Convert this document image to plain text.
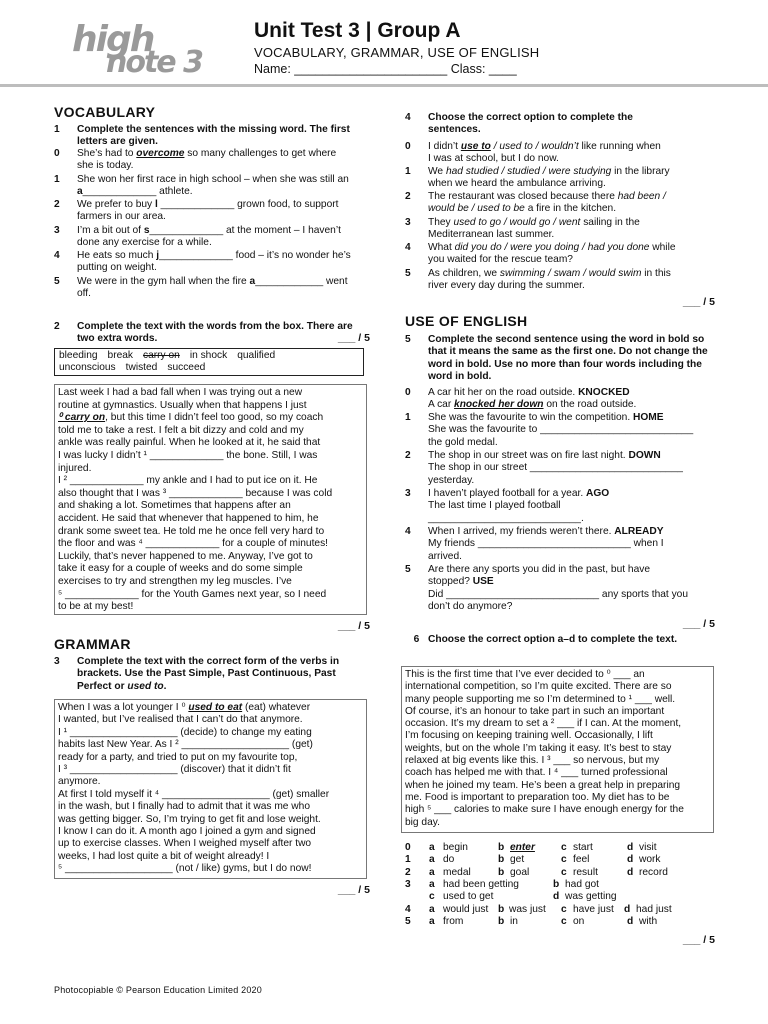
high
note 3
Unit Test 3 | Group A
VOCABULARY, GRAMMAR, USE OF ENGLISH
Name: ______________________ Class: ____
VOCABULARY
1	Complete the sentences with the missing word. The first letters are given.
0	She’s had to overcome so many challenges to get where she is today.
1	She won her first race in high school – when she was still an a_____________ athlete.
2	We prefer to buy l _____________ grown food, to support farmers in our area.
3	I’m a bit out of s_____________ at the moment – I haven’t done any exercise for a while.
4	He eats so much j_____________ food – it’s no wonder he’s putting on weight.
5	We were in the gym hall when the fire a____________ went off.
___ / 5
2	Complete the text with the words from the box. There are two extra words.
bleeding break carry on in shock qualified
unconscious twisted succeed
Last week I had a bad fall when I was trying out a new
routine at gymnastics. Usually when that happens I just
⁰ carry on, but this time I didn’t feel too good, so my coach
told me to take a rest. I felt a bit dizzy and cold and my
ankle was really painful. When he looked at it, he said that
I was lucky I didn’t ¹ _____________ the bone. Still, I was
injured.
I ² _____________ my ankle and I had to put ice on it. He
also thought that I was ³ _____________ because I was cold
and shaking a lot. Sometimes that happens after an
accident. He said that whenever that happened to him, he
drank some sweet tea. He told me he once fell very hard to
the floor and was ⁴ _____________ for a couple of minutes!
Luckily, that’s never happened to me. Anyway, I’ve got to
take it easy for a couple of weeks and do some simple
exercises to try and strengthen my leg muscles. I’ve
⁵ _____________ for the Youth Games next year, so I need
to be at my best!
___ / 5
GRAMMAR
3	Complete the text with the correct form of the verbs in brackets. Use the Past Simple, Past Continuous, Past Perfect or used to.
When I was a lot younger I ⁰ used to eat (eat) whatever
I wanted, but I’ve realised that I can’t do that anymore.
I ¹ ___________________ (decide) to change my eating
habits last New Year. As I ² ___________________ (get)
ready for a party, and tried to put on my favourite top,
I ³ ___________________ (discover) that it didn’t fit
anymore.
At first I told myself it ⁴ ___________________ (get) smaller
in the wash, but I finally had to admit that it was me who
was getting bigger. So, I’m trying to get fit and lose weight.
I know I can do it. A month ago I joined a gym and signed
up to exercise classes. When I weighed myself after two
weeks, I had lost quite a bit of weight already! I
⁵ ___________________ (not / like) gyms, but I do now!
___ / 5
4	Choose the correct option to complete the sentences.
0	I didn’t use to / used to / wouldn’t like running when
I was at school, but I do now.
1	We had studied / studied / were studying in the library
when we heard the ambulance arriving.
2	The restaurant was closed because there had been /
would be / used to be a fire in the kitchen.
3	They used to go / would go / went sailing in the
Mediterranean last summer.
4	What did you do / were you doing / had you done while
you waited for the rescue team?
5	As children, we swimming / swam / would swim in this
river every day during the summer.
___ / 5
USE OF ENGLISH
5	Complete the second sentence using the word in bold so that it means the same as the first one. Do not change the word in bold. Use no more than four words including the word in bold.
0	A car hit her on the road outside. KNOCKED
A car knocked her down on the road outside.
1	She was the favourite to win the competition. HOME
She was the favourite to ___________________________
the gold medal.
2	The shop in our street was on fire last night. DOWN
The shop in our street ___________________________
yesterday.
3	I haven’t played football for a year. AGO
The last time I played football
___________________________.
4	When I arrived, my friends weren’t there. ALREADY
My friends ___________________________ when I
arrived.
5	Are there any sports you did in the past, but have
stopped? USE
Did ___________________________ any sports that you
don’t do anymore?
___ / 5
6 Choose the correct option a–d to complete the text.
This is the first time that I’ve ever decided to ⁰ ___ an
international competition, so I’m quite excited. There are so
many people supporting me so I’m determined to ¹ ___ well.
Of course, it’s an honour to take part in such an important
occasion. It’s my dream to set a ² ___ if I can. At the moment,
I’m focusing on keeping training well. Occasionally, I lift
weights, but on the whole I’m taking it easy. It’s best to stay
relaxed at big events like this. I ³ ___ so nervous, but my
coach has helped me with that. I ⁴ ___ turned professional
when he joined my team. He’s been a great help in preparing
me. Food is important to preparation too. My diet has to be
high ⁵ ___ calories to make sure I have enough energy for the
big day.
0 a begin	b enter	c start	d visit
1 a do	b get	c feel	d work
2 a medal	b goal	c result	d record
3 a had been getting	b had got
c used to get	d was getting
4 a would just b was just c have just d had just
5 a from	b in	c on	d with
___ / 5
Photocopiable © Pearson Education Limited 2020
